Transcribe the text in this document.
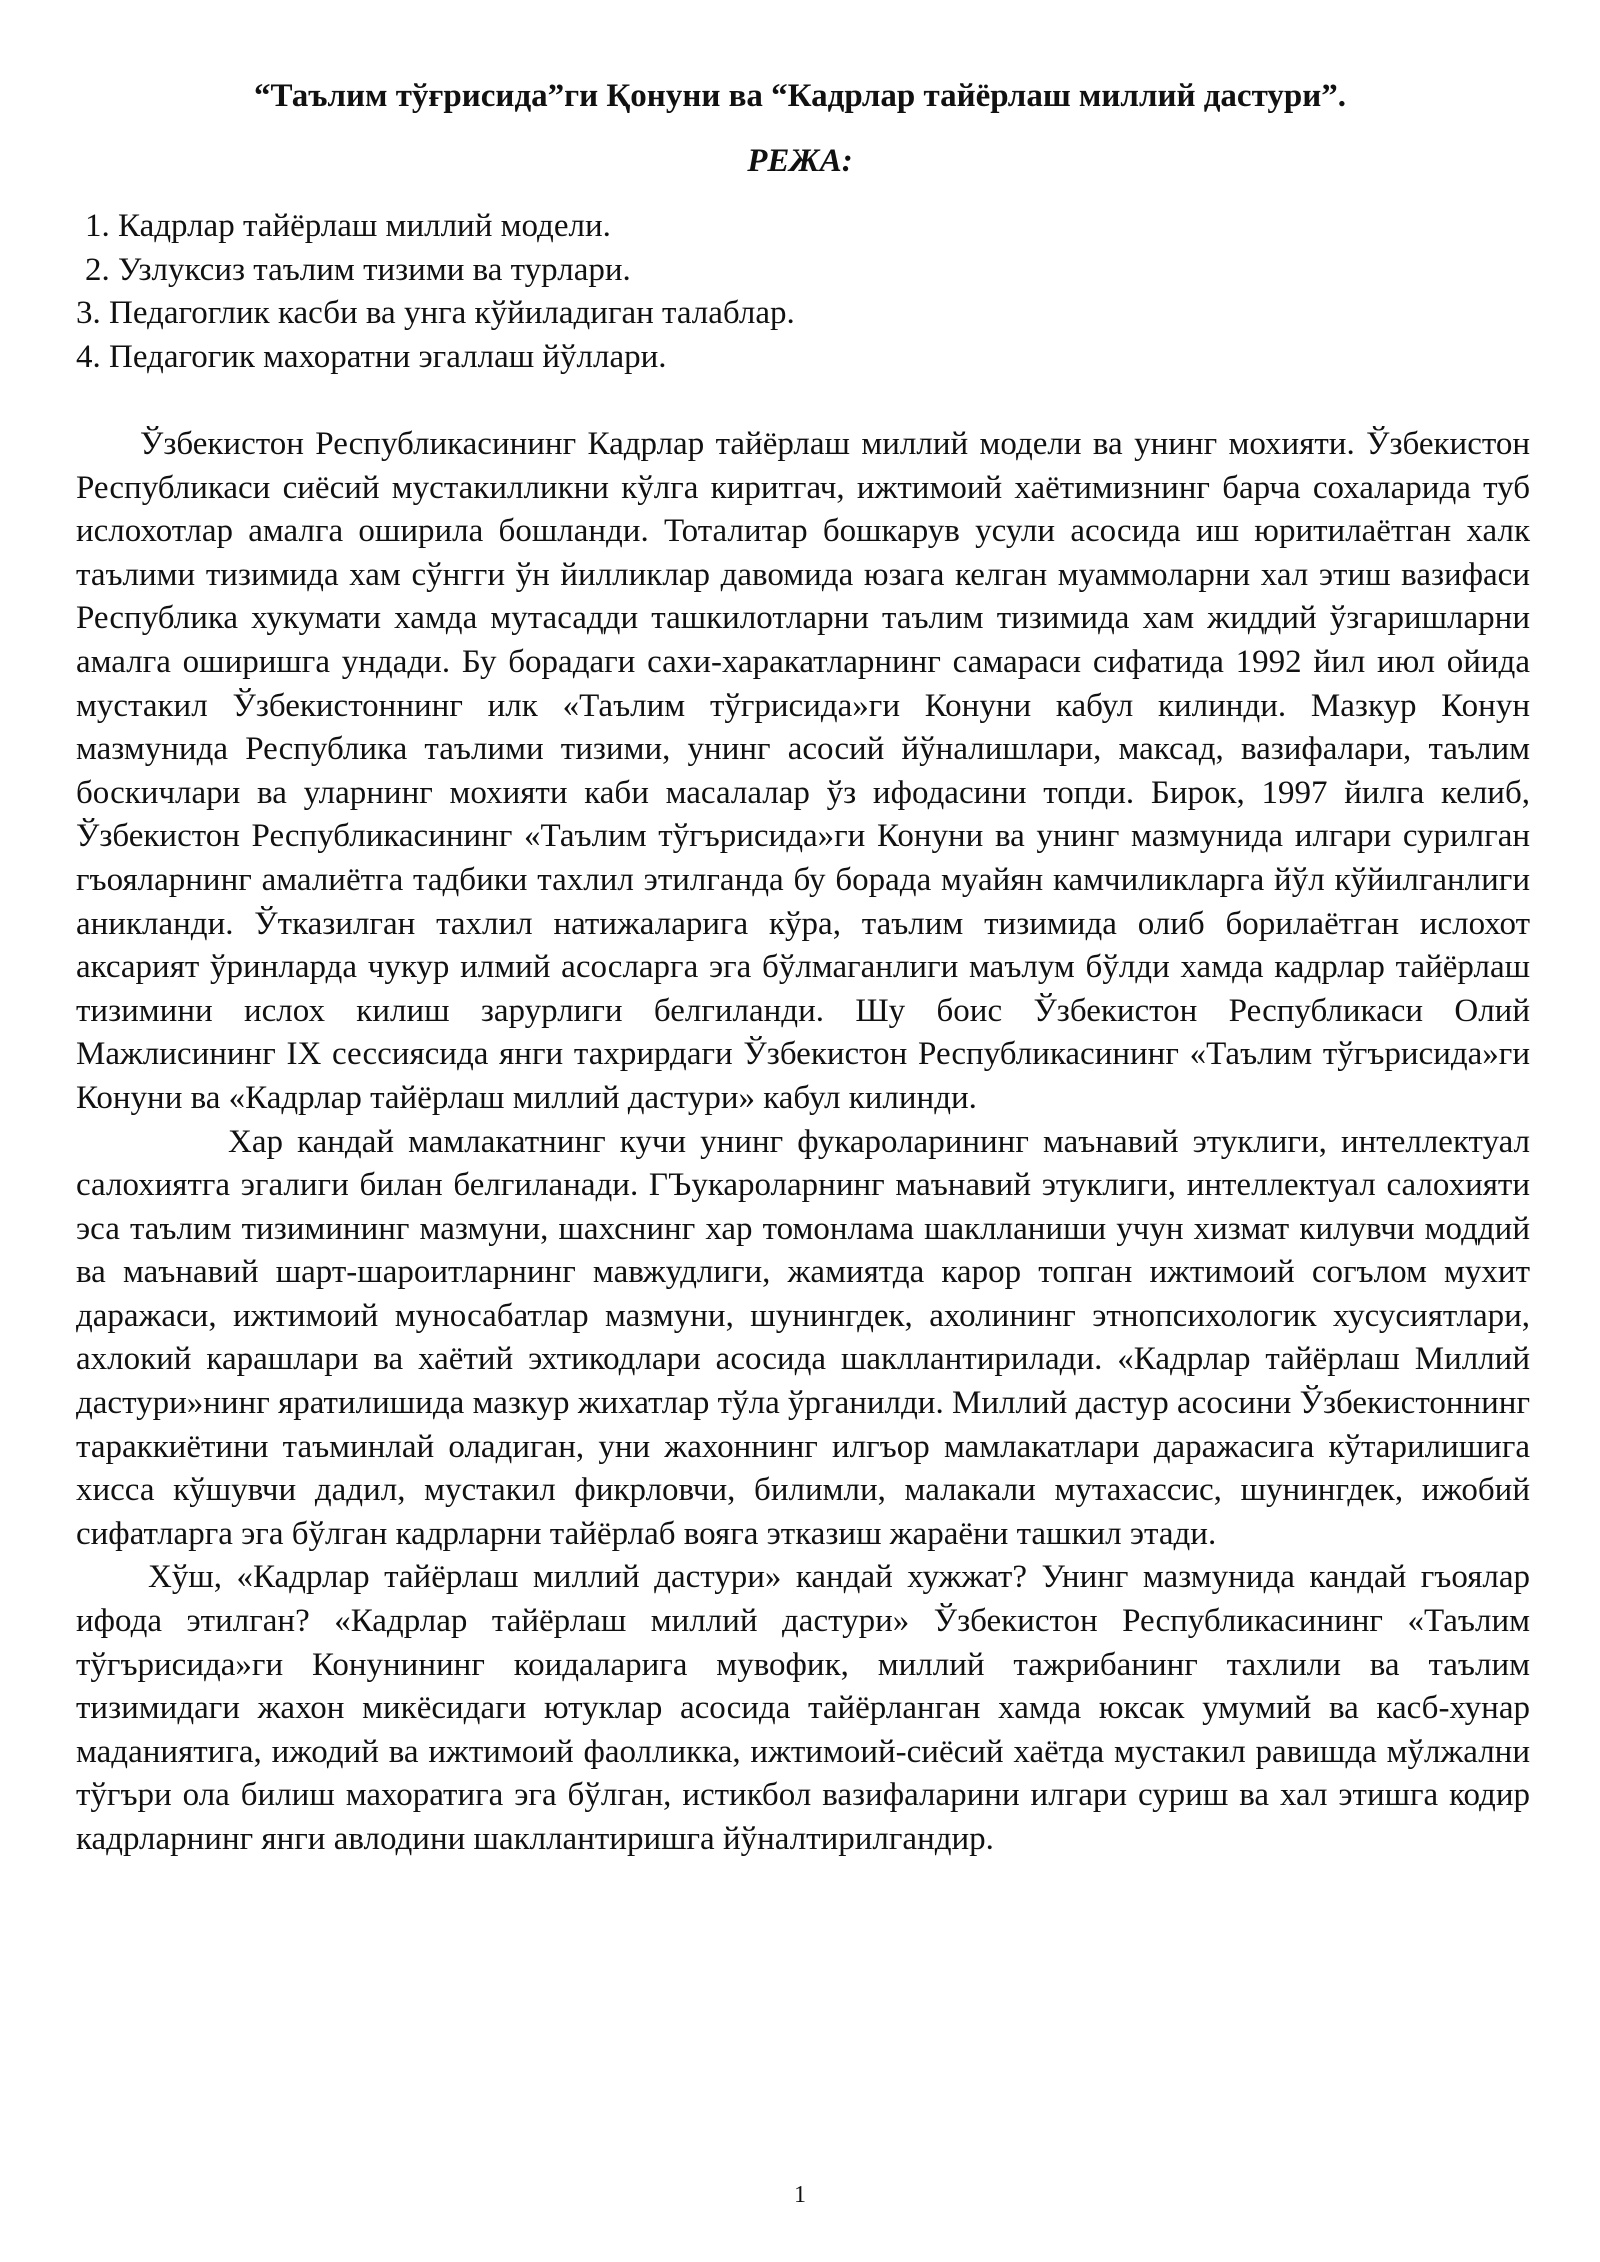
“Таълим тўғрисида”ги Қонуни ва “Кадрлар тайёрлаш миллий дастури”.
РЕЖА:
1. Кадрлар тайёрлаш миллий модели.
2. Узлуксиз таълим тизими ва турлари.
3. Педагоглик касби ва унга кўйиладиган талаблар.
4. Педагогик махоратни эгаллаш йўллари.

Ўзбекистон Республикасининг Кадрлар тайёрлаш миллий модели ва унинг мохияти. Ўзбекистон Республикаси сиёсий мустакилликни кўлга киритгач, ижтимоий хаётимизнинг барча сохаларида туб ислохотлар амалга оширила бошланди. Тоталитар бошкарув усули асосида иш юритилаётган халк таълими тизимида хам сўнгги ўн йилликлар давомида юзага келган муаммоларни хал этиш вазифаси Республика хукумати хамда мутасадди ташкилотларни таълим тизимида хам жиддий ўзгаришларни амалга оширишга ундади. Бу борадаги сахи-харакатларнинг самараси сифатида 1992 йил июл ойида мустакил Ўзбекистоннинг илк «Таълим тўгрисида»ги Конуни кабул килинди. Мазкур Конун мазмунида Республика таълими тизими, унинг асосий йўналишлари, максад, вазифалари, таълим боскичлари ва уларнинг мохияти каби масалалар ўз ифодасини топди. Бирок, 1997 йилга келиб, Ўзбекистон Республикасининг «Таълим тўгърисида»ги Конуни ва унинг мазмунида илгари сурилган гъояларнинг амалиётга тадбики тахлил этилганда бу борада муайян камчиликларга йўл кўйилганлиги аникланди. Ўтказилган тахлил натижаларига кўра, таълим тизимида олиб борилаётган ислохот аксарият ўринларда чукур илмий асосларга эга бўлмаганлиги маълум бўлди хамда кадрлар тайёрлаш тизимини ислох килиш зарурлиги белгиланди. Шу боис Ўзбекистон Республикаси Олий Мажлисининг IX сессиясида янги тахрирдаги Ўзбекистон Республикасининг «Таълим тўгърисида»ги Конуни ва «Кадрлар тайёрлаш миллий дастури» кабул килинди.

Хар кандай мамлакатнинг кучи унинг фукароларининг маънавий этуклиги, интеллектуал салохиятга эгалиги билан белгиланади. ГЪукароларнинг маънавий этуклиги, интеллектуал салохияти эса таълим тизимининг мазмуни, шахснинг хар томонлама шаклланиши учун хизмат килувчи моддий ва маънавий шарт-шароитларнинг мавжудлиги, жамиятда карор топган ижтимоий согълом мухит даражаси, ижтимоий муносабатлар мазмуни, шунингдек, ахолининг этнопсихологик хусусиятлари, ахлокий карашлари ва хаётий эхтикодлари асосида шакллантирилади. «Кадрлар тайёрлаш Миллий дастури»нинг яратилишида мазкур жихатлар тўла ўрганилди. Миллий дастур асосини Ўзбекистоннинг тараккиётини таъминлай оладиган, уни жахоннинг илгъор мамлакатлари даражасига кўтарилишига хисса кўшувчи дадил, мустакил фикрловчи, билимли, малакали мутахассис, шунингдек, ижобий сифатларга эга бўлган кадрларни тайёрлаб вояга этказиш жараёни ташкил этади.

Хўш, «Кадрлар тайёрлаш миллий дастури» кандай хужжат? Унинг мазмунида кандай гъоялар ифода этилган? «Кадрлар тайёрлаш миллий дастури» Ўзбекистон Республикасининг «Таълим тўгърисида»ги Конунининг коидаларига мувофик, миллий тажрибанинг тахлили ва таълим тизимидаги жахон микёсидаги ютуклар асосида тайёрланган хамда юксак умумий ва касб-хунар маданиятига, ижодий ва ижтимоий фаолликка, ижтимоий-сиёсий хаётда мустакил равишда мўлжални тўгъри ола билиш махоратига эга бўлган, истикбол вазифаларини илгари суриш ва хал этишга кодир кадрларнинг янги авлодини шакллантиришга йўналтирилгандир.

1
